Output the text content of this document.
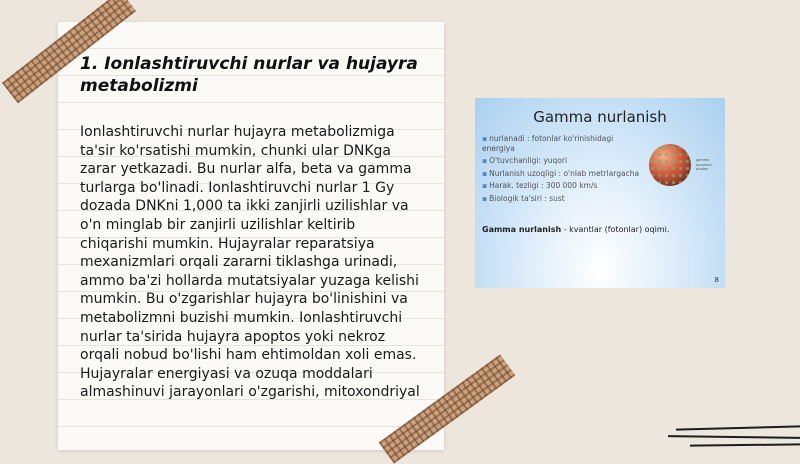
1. Ionlashtiruvchi nurlar va hujayra metabolizmi

Ionlashtiruvchi nurlar hujayra metabolizmiga ta'sir ko'rsatishi mumkin, chunki ular DNKga zarar yetkazadi. Bu nurlar alfa, beta va gamma turlarga bo'linadi. Ionlashtiruvchi nurlar 1 Gy dozada DNKni 1,000 ta ikki zanjirli uzilishlar va o'n minglab bir zanjirli uzilishlar keltirib chiqarishi mumkin. Hujayralar reparatsiya mexanizmlari orqali zararni tiklashga urinadi, ammo ba'zi hollarda mutatsiyalar yuzaga kelishi mumkin. Bu o'zgarishlar hujayra bo'linishini va metabolizmni buzishi mumkin. Ionlashtiruvchi nurlar ta'sirida hujayra apoptos yoki nekroz orqali nobud bo'lishi ham ehtimoldan xoli emas. Hujayralar energiyasi va ozuqa moddalari almashinuvi jarayonlari o'zgarishi, mitoxondriyal

Gamma nurlanish
▪ nurlanadi : fotonlar ko'rinishidagi energiya
▪ O'tuvchanligi: yuqori
▪ Nurlanish uzoqligi : o'nlab metrlargacha
▪ Harak. tezligi : 300 000 km/s
▪ Biologik ta'siri : sust
gamma quantum photon
Gamma nurlanish - kvantlar (fotonlar) oqimi.
8
